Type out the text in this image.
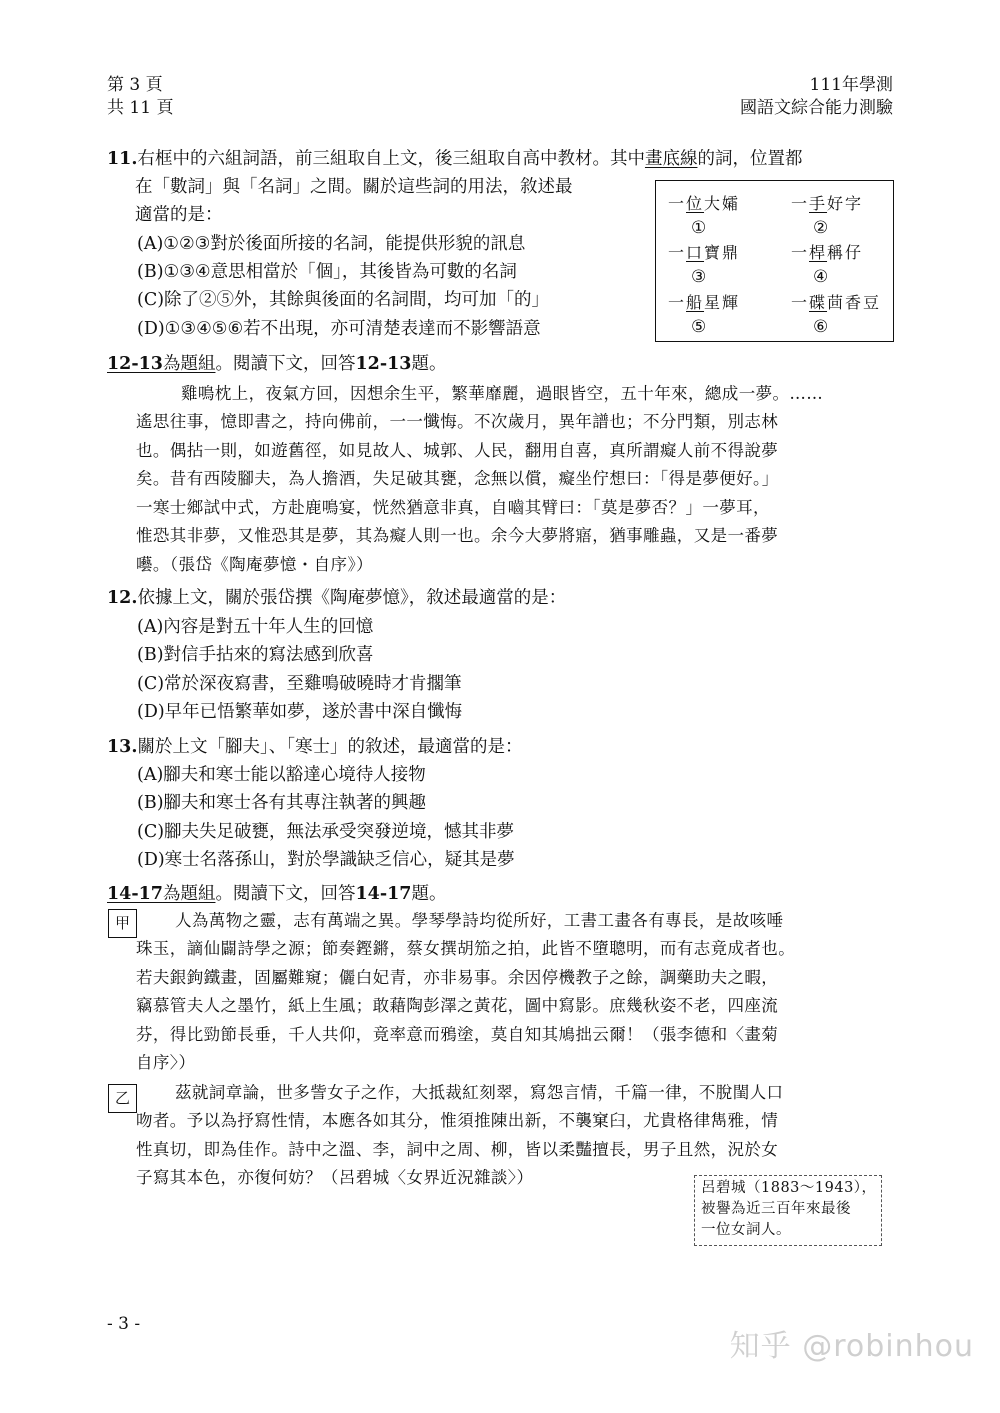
第 3 頁
共 11 頁
111年學測
國語文綜合能力測驗
11.右框中的六組詞語，前三組取自上文，後三組取自高中教材。其中畫底線的詞，位置都
在「數詞」與「名詞」之間。關於這些詞的用法，敘述最
適當的是：
(A)①②③對於後面所接的名詞，能提供形貌的訊息
(B)①③④意思相當於「個」，其後皆為可數的名詞
(C)除了②⑤外，其餘與後面的名詞間，均可加「的」
(D)①③④⑤⑥若不出現，亦可清楚表達而不影響語意
一位大孀
①
一手好字
②
一口寶鼎
③
一桿稱仔
④
一船星輝
⑤
一碟茴香豆
⑥
12-13為題組。閱讀下文，回答12-13題。
雞鳴枕上，夜氣方回，因想余生平，繁華靡麗，過眼皆空，五十年來，總成一夢。……
遙思往事，憶即書之，持向佛前，一一懺悔。不次歲月，異年譜也；不分門類，別志林
也。偶拈一則，如遊舊徑，如見故人、城郭、人民，翻用自喜，真所謂癡人前不得說夢
矣。昔有西陵腳夫，為人擔酒，失足破其甕，念無以償，癡坐佇想曰：「得是夢便好。」
一寒士鄉試中式，方赴鹿鳴宴，恍然猶意非真，自嚙其臂曰：「莫是夢否？」一夢耳，
惟恐其非夢，又惟恐其是夢，其為癡人則一也。余今大夢將寤，猶事雕蟲，又是一番夢
囈。（張岱《陶庵夢憶・自序》）
12.依據上文，關於張岱撰《陶庵夢憶》，敘述最適當的是：
(A)內容是對五十年人生的回憶
(B)對信手拈來的寫法感到欣喜
(C)常於深夜寫書，至雞鳴破曉時才肯擱筆
(D)早年已悟繁華如夢，遂於書中深自懺悔
13.關於上文「腳夫」、「寒士」的敘述，最適當的是：
(A)腳夫和寒士能以豁達心境待人接物
(B)腳夫和寒士各有其專注執著的興趣
(C)腳夫失足破甕，無法承受突發逆境，憾其非夢
(D)寒士名落孫山，對於學識缺乏信心，疑其是夢
14-17為題組。閱讀下文，回答14-17題。
甲	人為萬物之靈，志有萬端之異。學琴學詩均從所好，工書工畫各有專長，是故咳唾
珠玉，謫仙闢詩學之源；節奏鏗鏘，蔡女撰胡笳之拍，此皆不墮聰明，而有志竟成者也。
若夫銀鉤鐵畫，固屬難窺；儷白妃青，亦非易事。余因停機教子之餘，調藥助夫之暇，
竊慕管夫人之墨竹，紙上生風；敢藉陶彭澤之黃花，圖中寫影。庶幾秋姿不老，四座流
芬，得比勁節長垂，千人共仰，竟率意而鴉塗，莫自知其鳩拙云爾！（張李德和〈畫菊
自序〉）
乙	茲就詞章論，世多訾女子之作，大抵裁紅刻翠，寫怨言情，千篇一律，不脫閨人口
吻者。予以為抒寫性情，本應各如其分，惟須推陳出新，不襲窠臼，尤貴格律雋雅，情
性真切，即為佳作。詩中之溫、李，詞中之周、柳，皆以柔豔擅長，男子且然，況於女
子寫其本色，亦復何妨？（呂碧城〈女界近況雜談〉）
呂碧城（1883～1943），
被譽為近三百年來最後
一位女詞人。
- 3 -
知乎 @robinhou
